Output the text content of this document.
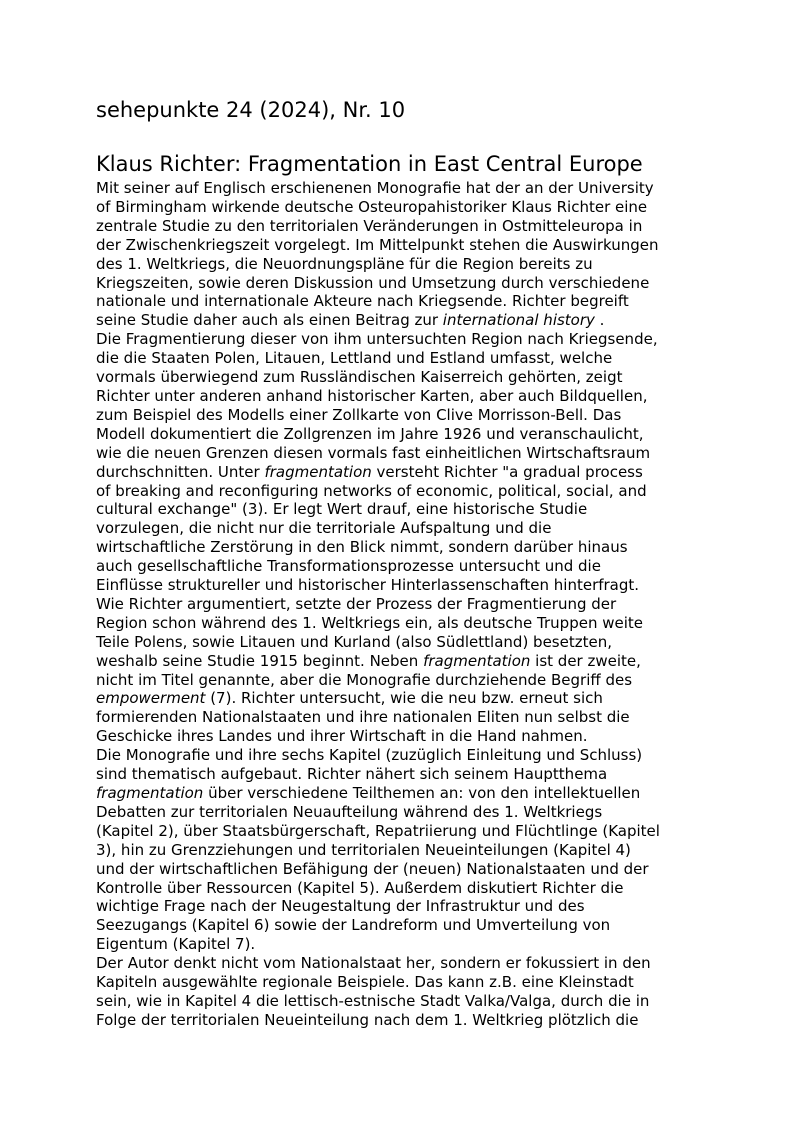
sehepunkte 24 (2024), Nr. 10
Klaus Richter: Fragmentation in East Central Europe
Mit seiner auf Englisch erschienenen Monografie hat der an der University
of Birmingham wirkende deutsche Osteuropahistoriker Klaus Richter eine
zentrale Studie zu den territorialen Veränderungen in Ostmitteleuropa in
der Zwischenkriegszeit vorgelegt. Im Mittelpunkt stehen die Auswirkungen
des 1. Weltkriegs, die Neuordnungspläne für die Region bereits zu
Kriegszeiten, sowie deren Diskussion und Umsetzung durch verschiedene
nationale und internationale Akteure nach Kriegsende. Richter begreift
seine Studie daher auch als einen Beitrag zur international history .
Die Fragmentierung dieser von ihm untersuchten Region nach Kriegsende,
die die Staaten Polen, Litauen, Lettland und Estland umfasst, welche
vormals überwiegend zum Russländischen Kaiserreich gehörten, zeigt
Richter unter anderen anhand historischer Karten, aber auch Bildquellen,
zum Beispiel des Modells einer Zollkarte von Clive Morrisson-Bell. Das
Modell dokumentiert die Zollgrenzen im Jahre 1926 und veranschaulicht,
wie die neuen Grenzen diesen vormals fast einheitlichen Wirtschaftsraum
durchschnitten. Unter fragmentation versteht Richter "a gradual process
of breaking and reconfiguring networks of economic, political, social, and
cultural exchange" (3). Er legt Wert drauf, eine historische Studie
vorzulegen, die nicht nur die territoriale Aufspaltung und die
wirtschaftliche Zerstörung in den Blick nimmt, sondern darüber hinaus
auch gesellschaftliche Transformationsprozesse untersucht und die
Einflüsse struktureller und historischer Hinterlassenschaften hinterfragt.
Wie Richter argumentiert, setzte der Prozess der Fragmentierung der
Region schon während des 1. Weltkriegs ein, als deutsche Truppen weite
Teile Polens, sowie Litauen und Kurland (also Südlettland) besetzten,
weshalb seine Studie 1915 beginnt. Neben fragmentation ist der zweite,
nicht im Titel genannte, aber die Monografie durchziehende Begriff des
empowerment (7). Richter untersucht, wie die neu bzw. erneut sich
formierenden Nationalstaaten und ihre nationalen Eliten nun selbst die
Geschicke ihres Landes und ihrer Wirtschaft in die Hand nahmen.
Die Monografie und ihre sechs Kapitel (zuzüglich Einleitung und Schluss)
sind thematisch aufgebaut. Richter nähert sich seinem Hauptthema
fragmentation über verschiedene Teilthemen an: von den intellektuellen
Debatten zur territorialen Neuaufteilung während des 1. Weltkriegs
(Kapitel 2), über Staatsbürgerschaft, Repatriierung und Flüchtlinge (Kapitel
3), hin zu Grenzziehungen und territorialen Neueinteilungen (Kapitel 4)
und der wirtschaftlichen Befähigung der (neuen) Nationalstaaten und der
Kontrolle über Ressourcen (Kapitel 5). Außerdem diskutiert Richter die
wichtige Frage nach der Neugestaltung der Infrastruktur und des
Seezugangs (Kapitel 6) sowie der Landreform und Umverteilung von
Eigentum (Kapitel 7).
Der Autor denkt nicht vom Nationalstaat her, sondern er fokussiert in den
Kapiteln ausgewählte regionale Beispiele. Das kann z.B. eine Kleinstadt
sein, wie in Kapitel 4 die lettisch-estnische Stadt Valka/Valga, durch die in
Folge der territorialen Neueinteilung nach dem 1. Weltkrieg plötzlich die
